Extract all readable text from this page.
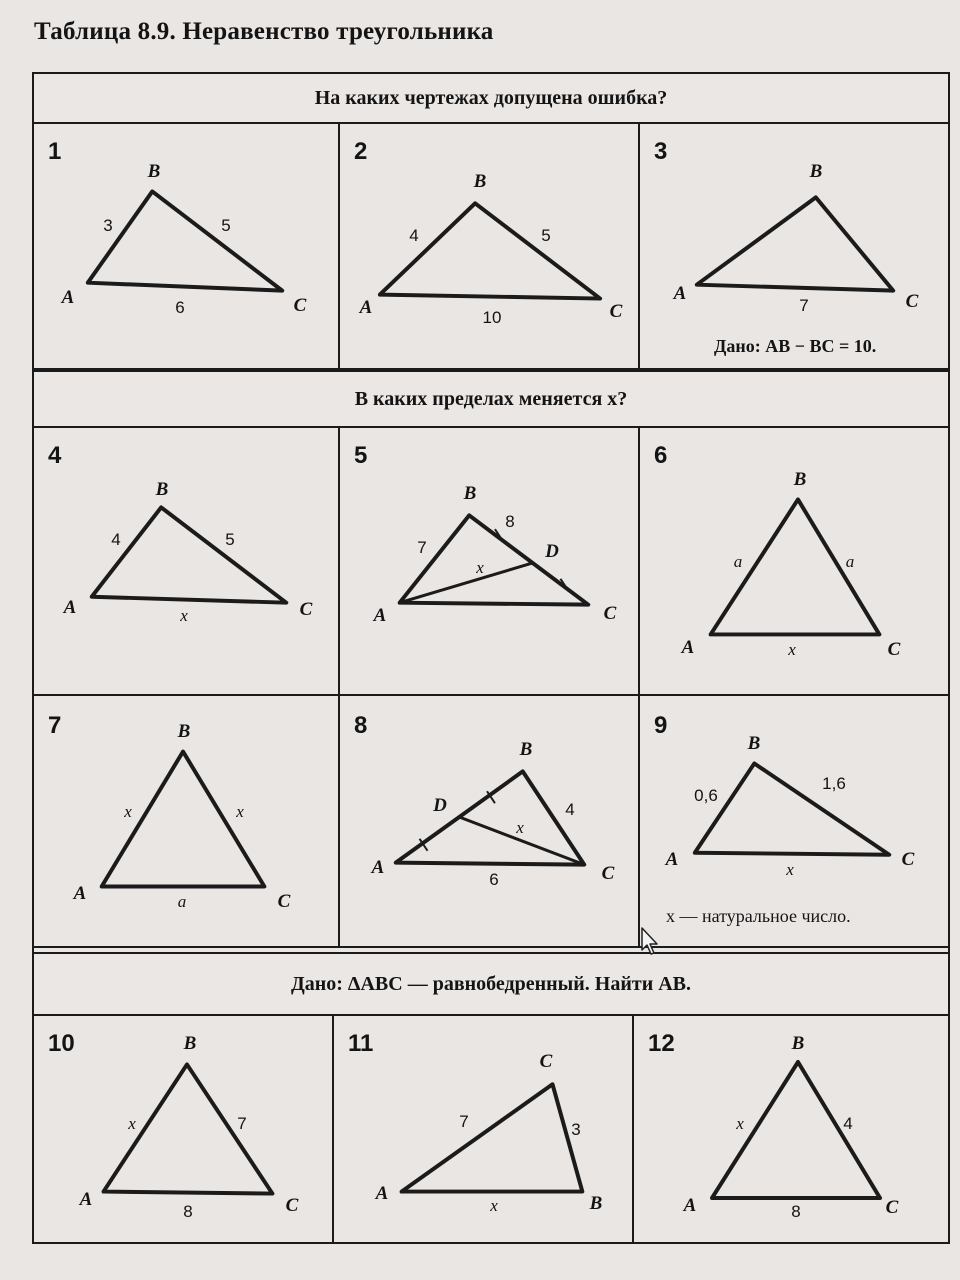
Таблица 8.9. Неравенство треугольника
На каких чертежах допущена ошибка?
1
A
B
C
3	5
6
2
A
B
C
4	5
10
3
A
B
C
7
Дано: AB − BC = 10.
В каких пределах меняется x?
4
A
B
C
4	5
x
5
A
B
C
D
7
8
x
6
A
B
C
a	a
x
7
A
B
C
x	x
a
8
A
B
C
D	4
6
x
9
A
B
C
0,6
1,6
x
x — натуральное число.
Дано: ΔABC — равнобедренный. Найти AB.
10
A
B
C
x	7
8
11
A
C
B
7	3
x
12
A
B
C
x	4
8
